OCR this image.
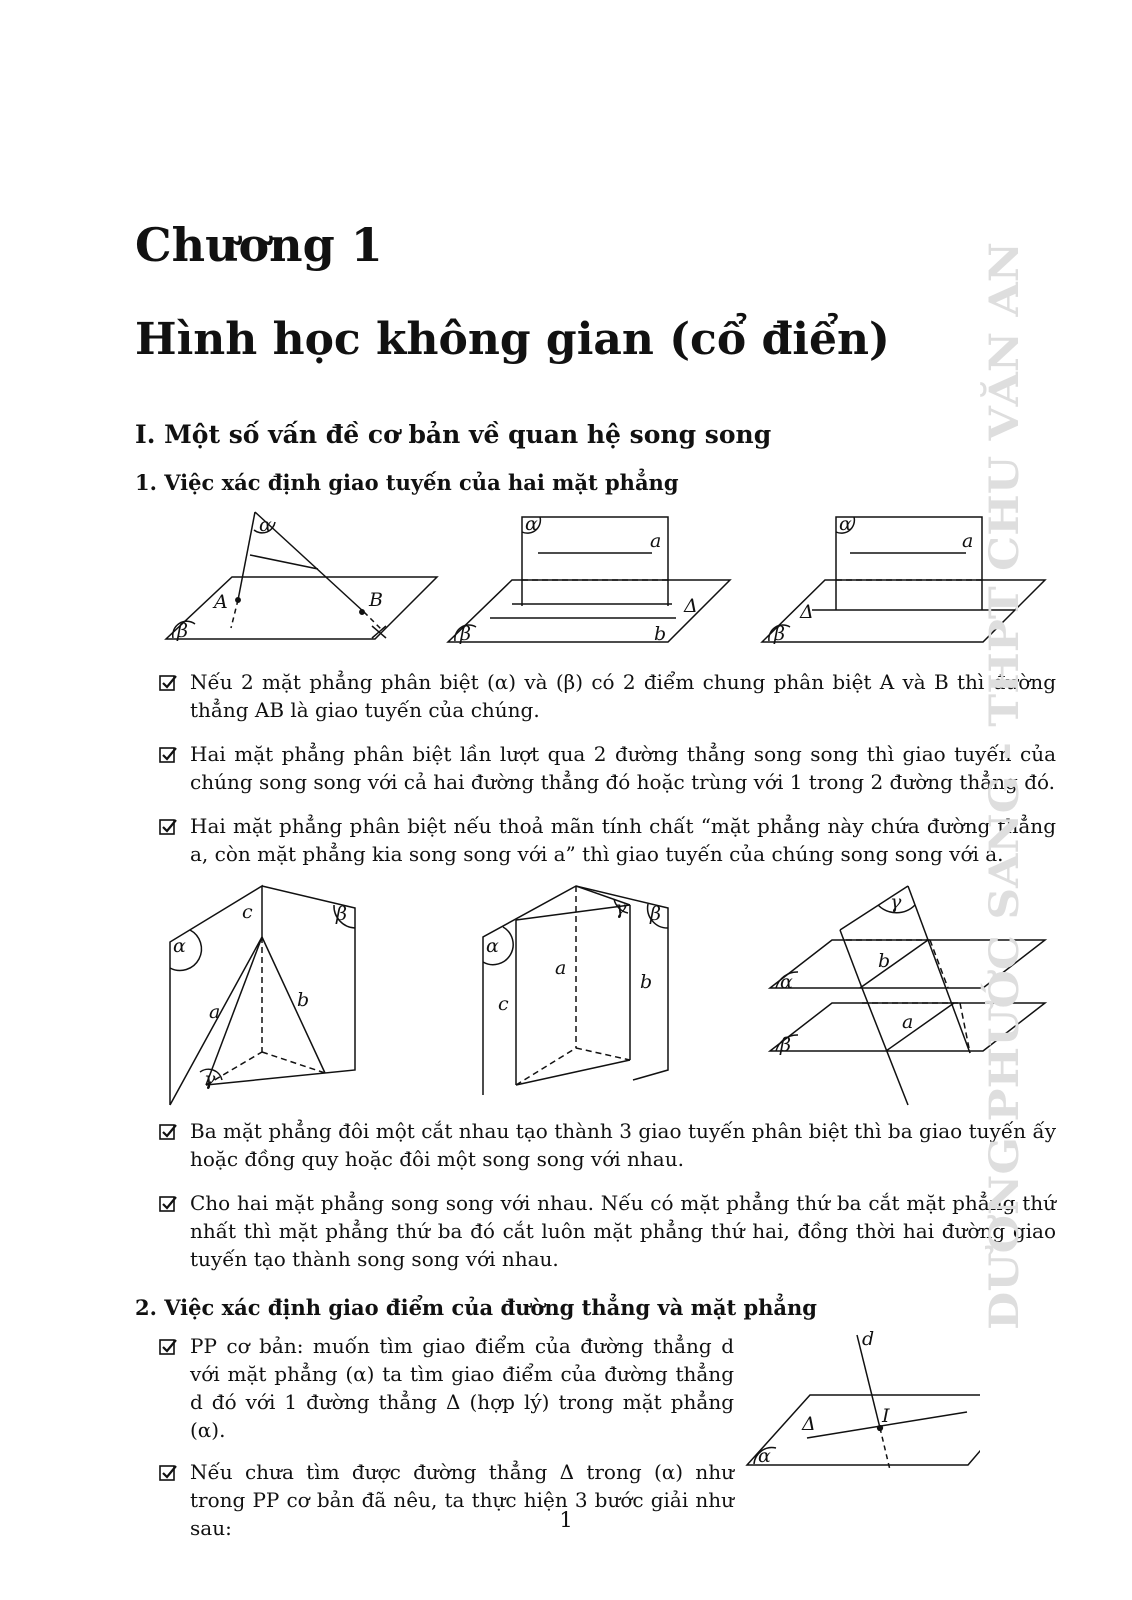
Chương 1
Hình học không gian (cổ điển)
I. Một số vấn đề cơ bản về quan hệ song song
1. Việc xác định giao tuyến của hai mặt phẳng
α
A	B
β
α
a
Δ
b
β
α
a
Δ
β
Nếu 2 mặt phẳng phân biệt (α) và (β) có 2 điểm chung phân biệt A và B thì đường thẳng AB là giao tuyến của chúng.
Hai mặt phẳng phân biệt lần lượt qua 2 đường thẳng song song thì giao tuyến của chúng song song với cả hai đường thẳng đó hoặc trùng với 1 trong 2 đường thẳng đó.
Hai mặt phẳng phân biệt nếu thoả mãn tính chất “mặt phẳng này chứa đường thẳng a, còn mặt phẳng kia song song với a” thì giao tuyến của chúng song song với a.
α
c	β
a
b
γ
α
γ β
a
b
c
γ
b
a
α
β
Ba mặt phẳng đôi một cắt nhau tạo thành 3 giao tuyến phân biệt thì ba giao tuyến ấy hoặc đồng quy hoặc đôi một song song với nhau.
Cho hai mặt phẳng song song với nhau. Nếu có mặt phẳng thứ ba cắt mặt phẳng thứ nhất thì mặt phẳng thứ ba đó cắt luôn mặt phẳng thứ hai, đồng thời hai đường giao tuyến tạo thành song song với nhau.
2. Việc xác định giao điểm của đường thẳng và mặt phẳng
PP cơ bản: muốn tìm giao điểm của đường thẳng d với mặt phẳng (α) ta tìm giao điểm của đường thẳng d đó với 1 đường thẳng Δ (hợp lý) trong mặt phẳng (α).
Nếu chưa tìm được đường thẳng Δ trong (α) như trong PP cơ bản đã nêu, ta thực hiện 3 bước giải như sau:
d
I
Δ
α
DƯƠNG PHƯỚC SANG - THPT CHU VĂN AN
1
